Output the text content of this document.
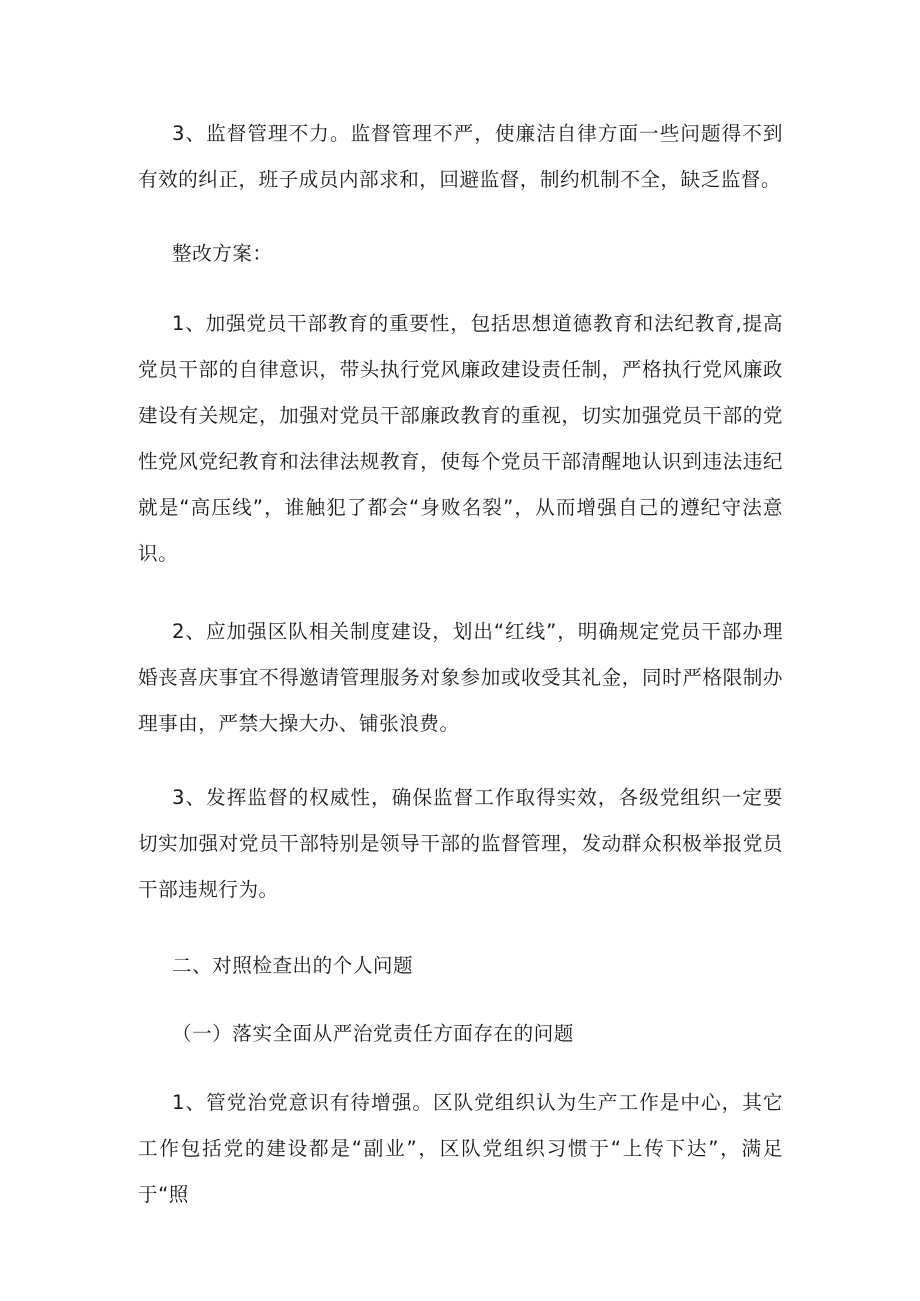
3、监督管理不力。监督管理不严，使廉洁自律方面一些问题得不到有效的纠正，班子成员内部求和，回避监督，制约机制不全，缺乏监督。

整改方案：

1、加强党员干部教育的重要性，包括思想道德教育和法纪教育,提高党员干部的自律意识，带头执行党风廉政建设责任制，严格执行党风廉政建设有关规定，加强对党员干部廉政教育的重视，切实加强党员干部的党性党风党纪教育和法律法规教育，使每个党员干部清醒地认识到违法违纪就是“高压线”，谁触犯了都会“身败名裂”，从而增强自己的遵纪守法意识。

2、应加强区队相关制度建设，划出“红线”，明确规定党员干部办理婚丧喜庆事宜不得邀请管理服务对象参加或收受其礼金，同时严格限制办理事由，严禁大操大办、铺张浪费。

3、发挥监督的权威性，确保监督工作取得实效，各级党组织一定要切实加强对党员干部特别是领导干部的监督管理，发动群众积极举报党员干部违规行为。

二、对照检查出的个人问题

（一）落实全面从严治党责任方面存在的问题

1、管党治党意识有待增强。区队党组织认为生产工作是中心，其它工作包括党的建设都是“副业”，区队党组织习惯于“上传下达”，满足于“照
